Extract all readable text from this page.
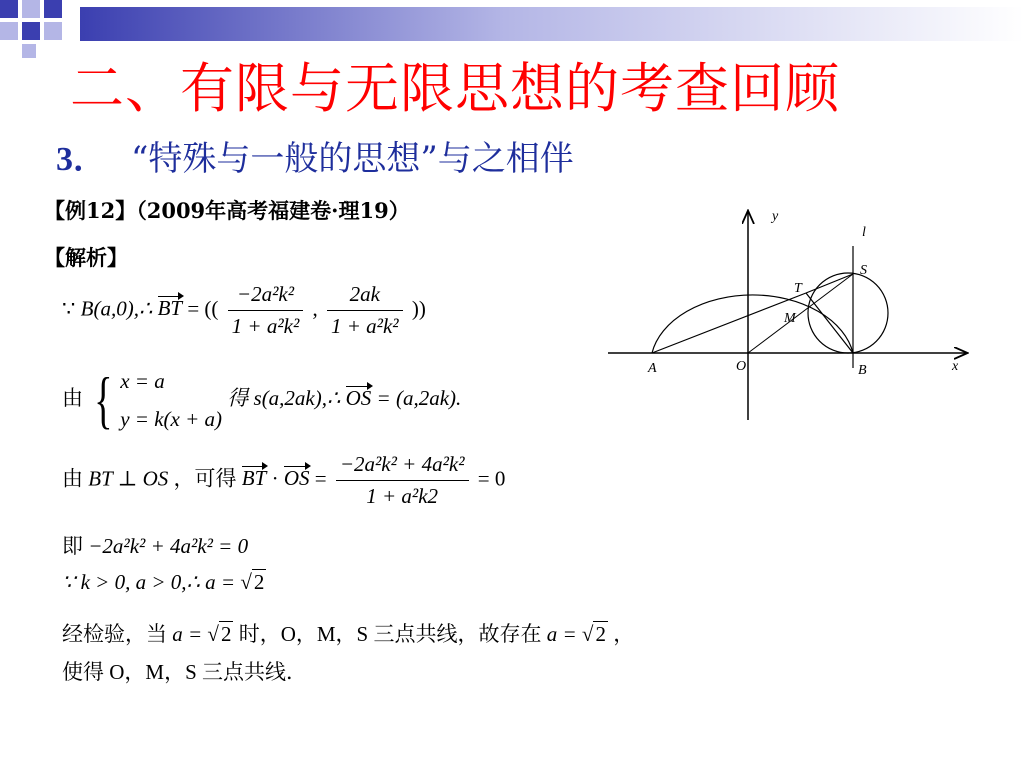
二、有限与无限思想的考查回顾
3． “特殊与一般的思想”与之相伴
【例12】（2009年高考福建卷·理19）
【解析】
∵ B(a,0),∴ BT = (( $\frac{\text{−2a²k²}}{\text{1 + a²k²}}$ , $\frac{2ak}{\text{1 + a²k²}}$ ))
由 { x = a
y = k(x + a)
得 s(a,2ak),∴ OS = (a,2ak).
由 BT ⊥ OS ，可得 BT · OS = $\frac{\text{−2a²k² + 4a²k²}}{\text{1 + a²k2}} = 0$
即 −2a²k² + 4a²k² = 0
∵ k > 0, a > 0,∴ a = √2
经检验，当 a = √2 时，O，M，S 三点共线，故存在 a = √2 ，
使得 O，M，S 三点共线．
y
l
S
T
M
A	O	B	x
